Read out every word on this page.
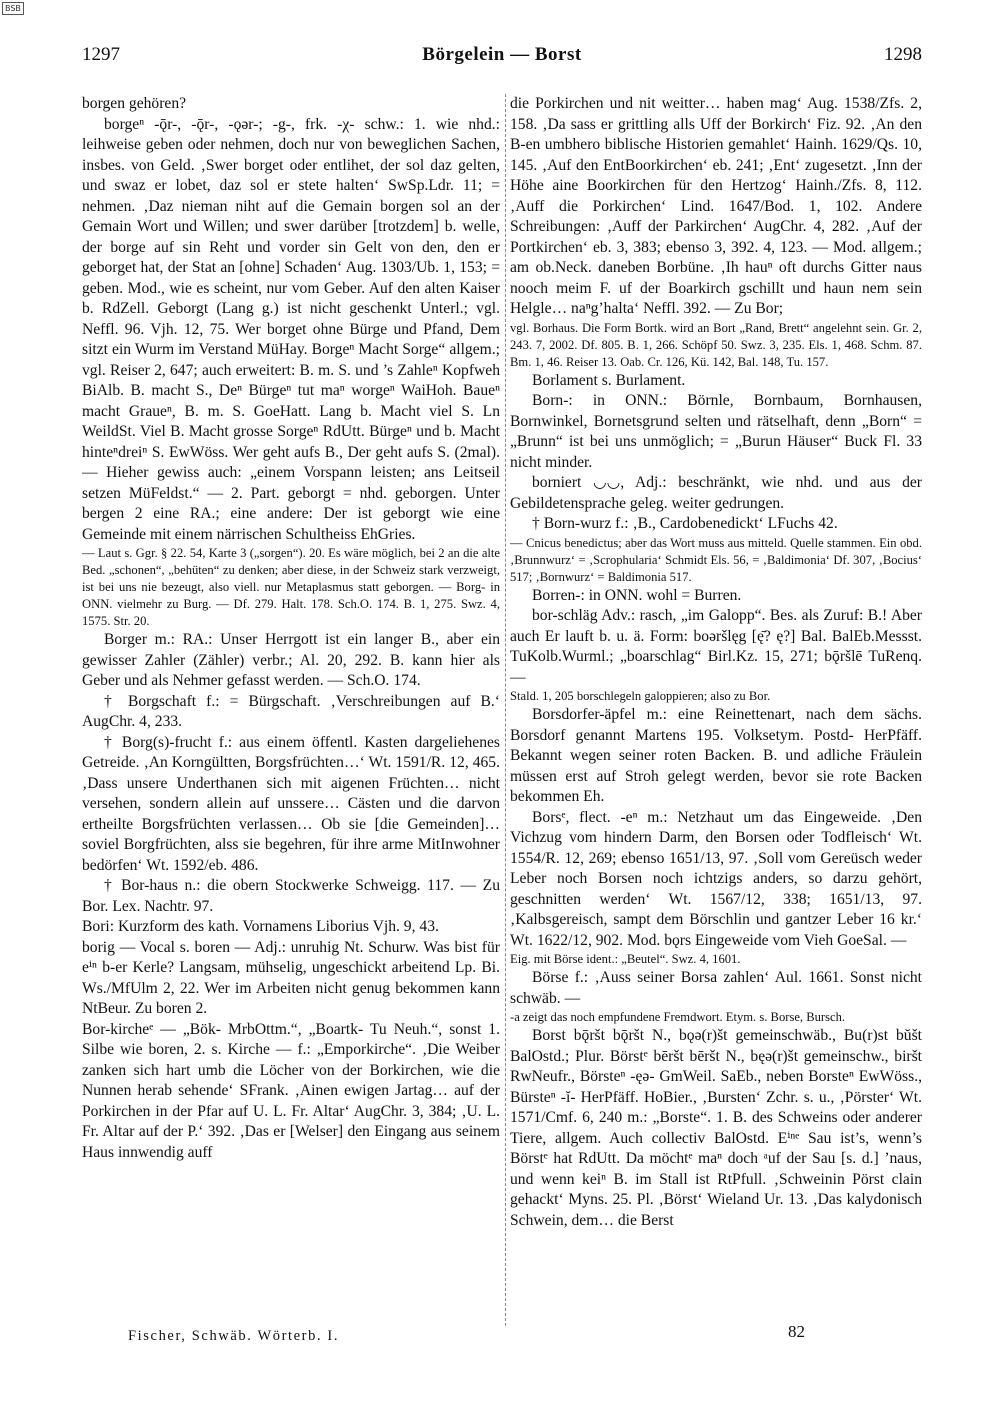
BSB
1297	Börgelein — Borst	1298

borgen gehören?

borgeⁿ -ǭr-, -ǭr-, -ǫər-; -g-, frk. -χ- schw.: 1. wie nhd.: leihweise geben oder nehmen, doch nur von beweglichen Sachen, insbes. von Geld. ‚Swer borget oder entlihet, der sol daz gelten, und swaz er lobet, daz sol er stete halten‘ SwSp.Ldr. 11; = nehmen. ‚Daz nieman niht auf die Gemain borgen sol an der Gemain Wort und Willen; und swer darüber [trotzdem] b. welle, der borge auf sin Reht und vorder sin Gelt von den, den er geborget hat, der Stat an [ohne] Schaden‘ Aug. 1303/Ub. 1, 153; = geben. Mod., wie es scheint, nur vom Geber. Auf den alten Kaiser b. RdZell. Geborgt (Lang g.) ist nicht geschenkt Unterl.; vgl. Neffl. 96. Vjh. 12, 75. Wer borget ohne Bürge und Pfand, Dem sitzt ein Wurm im Verstand MüHay. Borgeⁿ Macht Sorge“ allgem.; vgl. Reiser 2, 647; auch erweitert: B. m. S. und ’s Zahleⁿ Kopfweh BiAlb. B. macht S., Deⁿ Bürgeⁿ tut maⁿ worgeⁿ WaiHoh. Baueⁿ macht Graueⁿ, B. m. S. GoeHatt. Lang b. Macht viel S. Ln WeildSt. Viel B. Macht grosse Sorgeⁿ RdUtt. Bürgeⁿ und b. Macht hinteⁿdreiⁿ S. EwWöss. Wer geht aufs B., Der geht aufs S. (2mal). — Hieher gewiss auch: „einem Vorspann leisten; ans Leitseil setzen MüFeldst.“ — 2. Part. geborgt = nhd. geborgen. Unter bergen 2 eine RA.; eine andere: Der ist geborgt wie eine Gemeinde mit einem närrischen Schultheiss EhGries.

— Laut s. Ggr. § 22. 54, Karte 3 („sorgen“). 20. Es wäre möglich, bei 2 an die alte Bed. „schonen“, „behüten“ zu denken; aber diese, in der Schweiz stark verzweigt, ist bei uns nie bezeugt, also viell. nur Metaplasmus statt geborgen. — Borg- in ONN. vielmehr zu Burg. — Df. 279. Halt. 178. Sch.O. 174. B. 1, 275. Swz. 4, 1575. Str. 20.

Borger m.: RA.: Unser Herrgott ist ein langer B., aber ein gewisser Zahler (Zähler) verbr.; Al. 20, 292. B. kann hier als Geber und als Nehmer gefasst werden. — Sch.O. 174.

† Borgschaft f.: = Bürgschaft. ‚Verschreibungen auf B.‘ AugChr. 4, 233.

† Borg(s)-frucht f.: aus einem öffentl. Kasten dargeliehenes Getreide. ‚An Korngültten, Borgsfrüchten…‘ Wt. 1591/R. 12, 465. ‚Dass unsere Underthanen sich mit aigenen Früchten… nicht versehen, sondern allein auf unssere… Cästen und die darvon ertheilte Borgsfrüchten verlassen… Ob sie [die Gemeinden]… soviel Borgfrüchten, alss sie begehren, für ihre arme MitInwohner bedörfen‘ Wt. 1592/eb. 486.

† Bor-haus n.: die obern Stockwerke Schweigg. 117. — Zu Bor. Lex. Nachtr. 97.

Bori: Kurzform des kath. Vornamens Liborius Vjh. 9, 43.

borig — Vocal s. boren — Adj.: unruhig Nt. Schurw. Was bist für eⁱⁿ b-er Kerle? Langsam, mühselig, ungeschickt arbeitend Lp. Bi. Ws./MfUlm 2, 22. Wer im Arbeiten nicht genug bekommen kann NtBeur. Zu boren 2.

Bor-kircheᵉ — „Bök- MrbOttm.“, „Boartk- Tu Neuh.“, sonst 1. Silbe wie boren, 2. s. Kirche — f.: „Emporkirche“. ‚Die Weiber zanken sich hart umb die Löcher von der Borkirchen, wie die Nunnen herab sehende‘ SFrank. ‚Ainen ewigen Jartag… auf der Porkirchen in der Pfar auf U. L. Fr. Altar‘ AugChr. 3, 384; ‚U. L. Fr. Altar auf der P.‘ 392. ‚Das er [Welser] den Eingang aus seinem Haus innwendig auff

die Porkirchen und nit weitter… haben mag‘ Aug. 1538/Zfs. 2, 158. ‚Da sass er grittling alls Uff der Borkirch‘ Fiz. 92. ‚An den B-en umbhero biblische Historien gemahlet‘ Hainh. 1629/Qs. 10, 145. ‚Auf den EntBoorkirchen‘ eb. 241; ‚Ent‘ zugesetzt. ‚Inn der Höhe aine Boorkirchen für den Hertzog‘ Hainh./Zfs. 8, 112. ‚Auff die Porkirchen‘ Lind. 1647/Bod. 1, 102. Andere Schreibungen: ‚Auff der Parkirchen‘ AugChr. 4, 282. ‚Auf der Portkirchen‘ eb. 3, 383; ebenso 3, 392. 4, 123. — Mod. allgem.; am ob.Neck. daneben Borbüne. ‚Ih hauⁿ oft durchs Gitter naus nooch meim F. uf der Boarkirch gschillt und haun nem sein Helgle… naⁿg’halta‘ Neffl. 392. — Zu Bor;

vgl. Borhaus. Die Form Bortk. wird an Bort „Rand, Brett“ angelehnt sein. Gr. 2, 243. 7, 2002. Df. 805. B. 1, 266. Schöpf 50. Swz. 3, 235. Els. 1, 468. Schm. 87. Bm. 1, 46. Reiser 13. Oab. Cr. 126, Kü. 142, Bal. 148, Tu. 157.

Borlament s. Burlament.

Born-: in ONN.: Börnle, Bornbaum, Bornhausen, Bornwinkel, Bornetsgrund selten und rätselhaft, denn „Born“ = „Brunn“ ist bei uns unmöglich; = „Burun Häuser“ Buck Fl. 33 nicht minder.

borniert ◡◡, Adj.: beschränkt, wie nhd. und aus der Gebildetensprache geleg. weiter gedrungen.

† Born-wurz f.: ‚B., Cardobenedickt‘ LFuchs 42.

— Cnicus benedictus; aber das Wort muss aus mitteld. Quelle stammen. Ein obd. ‚Brunnwurz‘ = ‚Scrophularia‘ Schmidt Els. 56, = ‚Baldimonia‘ Df. 307, ‚Bocius‘ 517; ‚Bornwurz‘ = Baldimonia 517.

Borren-: in ONN. wohl = Burren.

bor-schläg Adv.: rasch, „im Galopp“. Bes. als Zuruf: B.! Aber auch Er lauft b. u. ä. Form: boəršlęg [ę̄? ę?] Bal. BalEb.Messst. TuKolb.Wurml.; „boarschlag“ Birl.Kz. 15, 271; bǭršlē TuRenq. —

Stald. 1, 205 borschlegeln galoppieren; also zu Bor.

Borsdorfer-äpfel m.: eine Reinettenart, nach dem sächs. Borsdorf genannt Martens 195. Volksetym. Postd- HerPfäff. Bekannt wegen seiner roten Backen. B. und adliche Fräulein müssen erst auf Stroh gelegt werden, bevor sie rote Backen bekommen Eh.

Borsᵉ, flect. -eⁿ m.: Netzhaut um das Eingeweide. ‚Den Vichzug vom hindern Darm, den Borsen oder Todfleisch‘ Wt. 1554/R. 12, 269; ebenso 1651/13, 97. ‚Soll vom Gereüsch weder Leber noch Borsen noch ichtzigs anders, so darzu gehört, geschnitten werden‘ Wt. 1567/12, 338; 1651/13, 97. ‚Kalbsgereisch, sampt dem Börschlin und gantzer Leber 16 kr.‘ Wt. 1622/12, 902. Mod. bǫrs Eingeweide vom Vieh GoeSal. —

Eig. mit Börse ident.: „Beutel“. Swz. 4, 1601.

Börse f.: ‚Auss seiner Borsa zahlen‘ Aul. 1661. Sonst nicht schwäb. —

-a zeigt das noch empfundene Fremdwort. Etym. s. Borse, Bursch.

Borst bǭršt bǭršt N., bǫə(r)št gemeinschwäb., Bu(r)st bŭšt BalOstd.; Plur. Börstᵉ bēršt bēršt N., bęə(r)št gemeinschw., biršt RwNeufr., Börsteⁿ -ęə- GmWeil. SaEb., neben Borsteⁿ EwWöss., Bürsteⁿ -ĭ- HerPfäff. HoBier., ‚Bursten‘ Zchr. s. u., ‚Pörster‘ Wt. 1571/Cmf. 6, 240 m.: „Borste“. 1. B. des Schweins oder anderer Tiere, allgem. Auch collectiv BalOstd. Eⁱⁿᵉ Sau ist’s, wenn’s Börstᵉ hat RdUtt. Da möchtᵉ maⁿ doch ᵃuf der Sau [s. d.] ’naus, und wenn keiⁿ B. im Stall ist RtPfull. ‚Schweinin Pörst clain gehackt‘ Myns. 25. Pl. ‚Börst‘ Wieland Ur. 13. ‚Das kalydonisch Schwein, dem… die Berst

Fischer, Schwäb. Wörterb. I.	82
